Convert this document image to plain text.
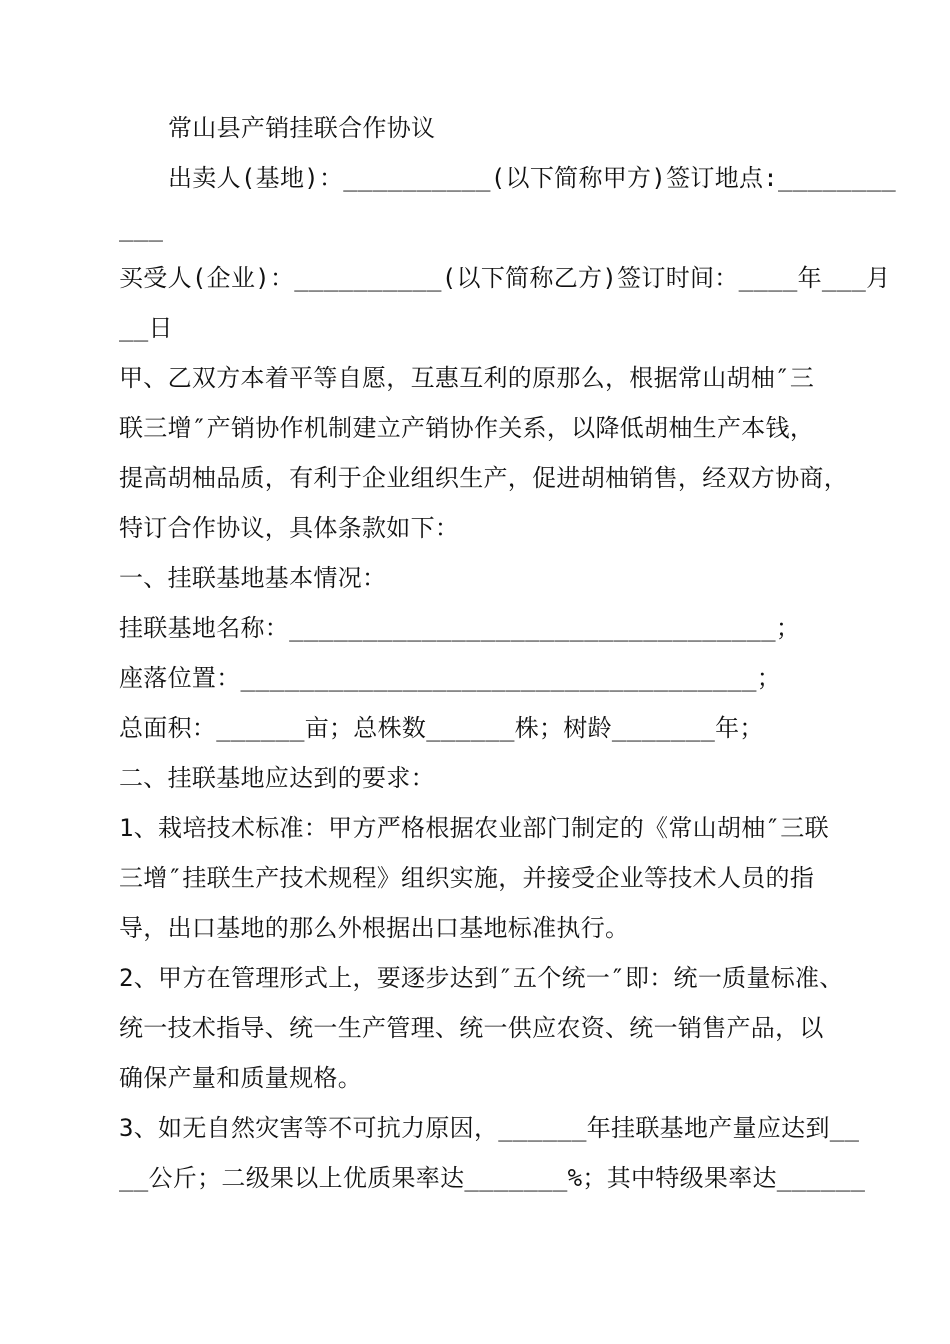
常山县产销挂联合作协议
出卖人(基地)：__________(以下简称甲方)签订地点:________
___
买受人(企业)：__________(以下简称乙方)签订时间：____年___月
__日
甲、乙双方本着平等自愿，互惠互利的原那么，根据常山胡柚″三
联三增″产销协作机制建立产销协作关系，以降低胡柚生产本钱，
提高胡柚品质，有利于企业组织生产，促进胡柚销售，经双方协商，
特订合作协议，具体条款如下：
一、挂联基地基本情况：
挂联基地名称：_________________________________；
座落位置：___________________________________；
总面积：______亩；总株数______株；树龄_______年；
二、挂联基地应达到的要求：
1、栽培技术标准：甲方严格根据农业部门制定的《常山胡柚″三联
三增″挂联生产技术规程》组织实施，并接受企业等技术人员的指
导，出口基地的那么外根据出口基地标准执行。
2、甲方在管理形式上，要逐步达到″五个统一″即：统一质量标准、
统一技术指导、统一生产管理、统一供应农资、统一销售产品，以
确保产量和质量规格。
3、如无自然灾害等不可抗力原因，______年挂联基地产量应达到__
__公斤；二级果以上优质果率达_______%；其中特级果率达______
